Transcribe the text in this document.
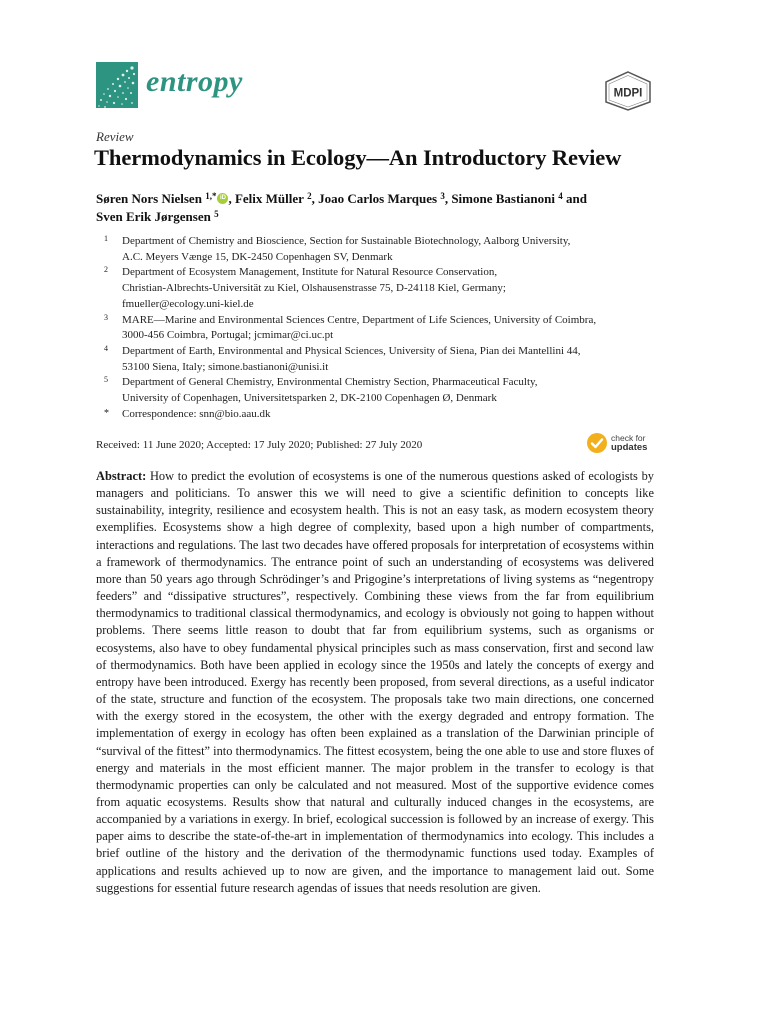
entropy	MDPI
Review
Thermodynamics in Ecology—An Introductory Review
Søren Nors Nielsen $^{1,*}$iD , Felix Müller $^2$, Joao Carlos Marques $^3$, Simone Bastianoni $^4$ and
Sven Erik Jørgensen $^5$
1 Department of Chemistry and Bioscience, Section for Sustainable Biotechnology, Aalborg University,
A.C. Meyers Vænge 15, DK-2450 Copenhagen SV, Denmark
2 Department of Ecosystem Management, Institute for Natural Resource Conservation,
Christian-Albrechts-Universität zu Kiel, Olshausenstrasse 75, D-24118 Kiel, Germany;
fmueller@ecology.uni-kiel.de
3 MARE—Marine and Environmental Sciences Centre, Department of Life Sciences, University of Coimbra,
3000-456 Coimbra, Portugal; jcmimar@ci.uc.pt
4 Department of Earth, Environmental and Physical Sciences, University of Siena, Pian dei Mantellini 44,
53100 Siena, Italy; simone.bastianoni@unisi.it
5 Department of General Chemistry, Environmental Chemistry Section, Pharmaceutical Faculty,
University of Copenhagen, Universitetsparken 2, DK-2100 Copenhagen Ø, Denmark
* Correspondence: snn@bio.aau.dk
Received: 11 June 2020; Accepted: 17 July 2020; Published: 27 July 2020
check for
updates
Abstract: How to predict the evolution of ecosystems is one of the numerous questions asked of ecologists by managers and politicians. To answer this we will need to give a scientific definition to concepts like sustainability, integrity, resilience and ecosystem health. This is not an easy task, as modern ecosystem theory exemplifies. Ecosystems show a high degree of complexity, based upon a high number of compartments, interactions and regulations. The last two decades have offered proposals for interpretation of ecosystems within a framework of thermodynamics. The entrance point of such an understanding of ecosystems was delivered more than 50 years ago through Schrödinger’s and Prigogine’s interpretations of living systems as “negentropy feeders” and “dissipative structures”, respectively. Combining these views from the far from equilibrium thermodynamics to traditional classical thermodynamics, and ecology is obviously not going to happen without problems. There seems little reason to doubt that far from equilibrium systems, such as organisms or ecosystems, also have to obey fundamental physical principles such as mass conservation, first and second law of thermodynamics. Both have been applied in ecology since the 1950s and lately the concepts of exergy and entropy have been introduced. Exergy has recently been proposed, from several directions, as a useful indicator of the state, structure and function of the ecosystem. The proposals take two main directions, one concerned with the exergy stored in the ecosystem, the other with the exergy degraded and entropy formation. The implementation of exergy in ecology has often been explained as a translation of the Darwinian principle of “survival of the fittest” into thermodynamics. The fittest ecosystem, being the one able to use and store fluxes of energy and materials in the most efficient manner. The major problem in the transfer to ecology is that thermodynamic properties can only be calculated and not measured. Most of the supportive evidence comes from aquatic ecosystems. Results show that natural and culturally induced changes in the ecosystems, are accompanied by a variations in exergy. In brief, ecological succession is followed by an increase of exergy. This paper aims to describe the state-of-the-art in implementation of thermodynamics into ecology. This includes a brief outline of the history and the derivation of the thermodynamic functions used today. Examples of applications and results achieved up to now are given, and the importance to management laid out. Some suggestions for essential future research agendas of issues that needs resolution are given.
